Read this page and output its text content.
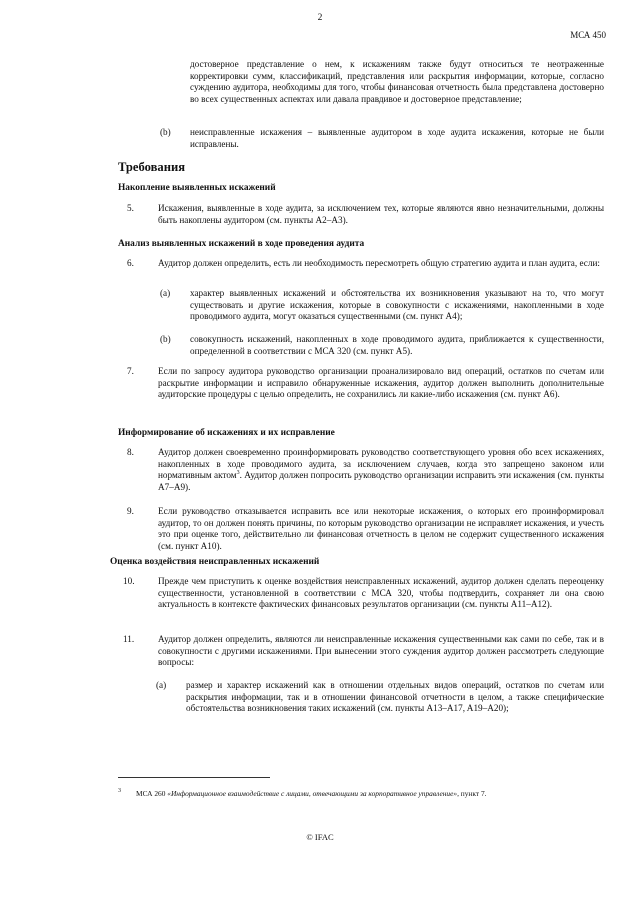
2
МСА 450
достоверное представление о нем, к искажениям также будут относиться те неотраженные корректировки сумм, классификаций, представления или раскрытия информации, которые, согласно суждению аудитора, необходимы для того, чтобы финансовая отчетность была представлена достоверно во всех существенных аспектах или давала правдивое и достоверное представление;
(b) неисправленные искажения – выявленные аудитором в ходе аудита искажения, которые не были исправлены.
Требования
Накопление выявленных искажений
5.	Искажения, выявленные в ходе аудита, за исключением тех, которые являются явно незначительными, должны быть накоплены аудитором (см. пункты A2–A3).
Анализ выявленных искажений в ходе проведения аудита
6.	Аудитор должен определить, есть ли необходимость пересмотреть общую стратегию аудита и план аудита, если:
(a) характер выявленных искажений и обстоятельства их возникновения указывают на то, что могут существовать и другие искажения, которые в совокупности с искажениями, накопленными в ходе проводимого аудита, могут оказаться существенными (см. пункт A4);
(b) совокупность искажений, накопленных в ходе проводимого аудита, приближается к существенности, определенной в соответствии с МСА 320 (см. пункт A5).
7.	Если по запросу аудитора руководство организации проанализировало вид операций, остатков по счетам или раскрытие информации и исправило обнаруженные искажения, аудитор должен выполнить дополнительные аудиторские процедуры с целью определить, не сохранились ли какие-либо искажения (см. пункт A6).
Информирование об искажениях и их исправление
8.	Аудитор должен своевременно проинформировать руководство соответствующего уровня обо всех искажениях, накопленных в ходе проводимого аудита, за исключением случаев, когда это запрещено законом или нормативным актом$^3$. Аудитор должен попросить руководство организации исправить эти искажения (см. пункты A7–A9).
9.	Если руководство отказывается исправить все или некоторые искажения, о которых его проинформировал аудитор, то он должен понять причины, по которым руководство организации не исправляет искажения, и учесть это при оценке того, действительно ли финансовая отчетность в целом не содержит существенного искажения (см. пункт A10).
Оценка воздействия неисправленных искажений
10.	Прежде чем приступить к оценке воздействия неисправленных искажений, аудитор должен сделать переоценку существенности, установленной в соответствии с МСА 320, чтобы подтвердить, сохраняет ли она свою актуальность в контексте фактических финансовых результатов организации (см. пункты A11–A12).
11.	Аудитор должен определить, являются ли неисправленные искажения существенными как сами по себе, так и в совокупности с другими искажениями. При вынесении этого суждения аудитор должен рассмотреть следующие вопросы:
(a) размер и характер искажений как в отношении отдельных видов операций, остатков по счетам или раскрытия информации, так и в отношении финансовой отчетности в целом, а также специфические обстоятельства возникновения таких искажений (см. пункты A13–A17, A19–A20);
3 МСА 260 «Информационное взаимодействие с лицами, отвечающими за корпоративное управление», пункт 7.
© IFAC
